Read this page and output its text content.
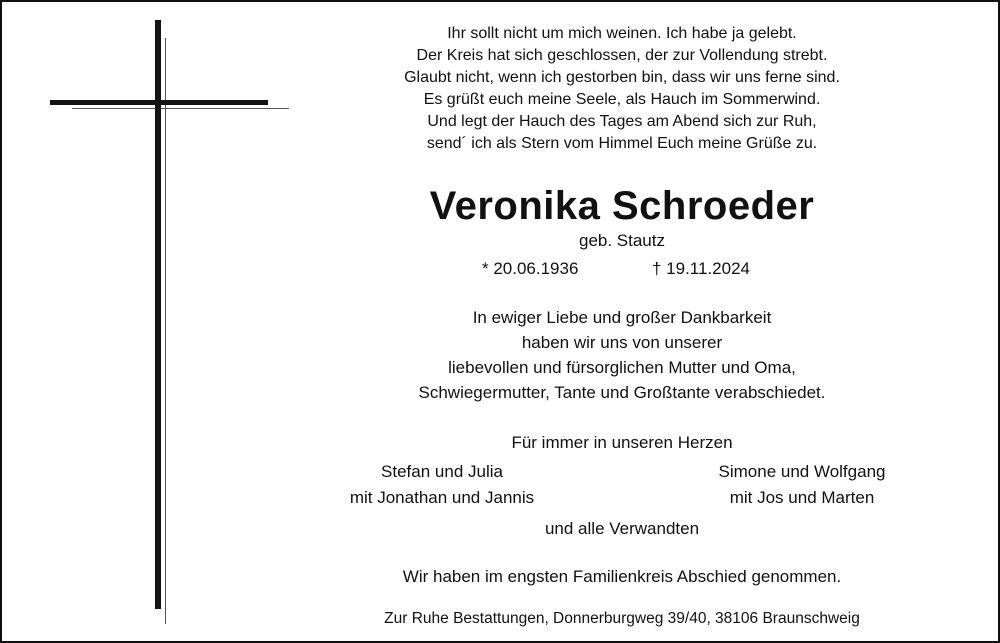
Ihr sollt nicht um mich weinen. Ich habe ja gelebt.
Der Kreis hat sich geschlossen, der zur Vollendung strebt.
Glaubt nicht, wenn ich gestorben bin, dass wir uns ferne sind.
Es grüßt euch meine Seele, als Hauch im Sommerwind.
Und legt der Hauch des Tages am Abend sich zur Ruh,
send´ ich als Stern vom Himmel Euch meine Grüße zu.
Veronika Schroeder
geb. Stautz
* 20.06.1936	† 19.11.2024
In ewiger Liebe und großer Dankbarkeit
haben wir uns von unserer
liebevollen und fürsorglichen Mutter und Oma,
Schwiegermutter, Tante und Großtante verabschiedet.
Für immer in unseren Herzen
Stefan und Julia
mit Jonathan und Jannis
Simone und Wolfgang
mit Jos und Marten
und alle Verwandten
Wir haben im engsten Familienkreis Abschied genommen.
Zur Ruhe Bestattungen, Donnerburgweg 39/40, 38106 Braunschweig
